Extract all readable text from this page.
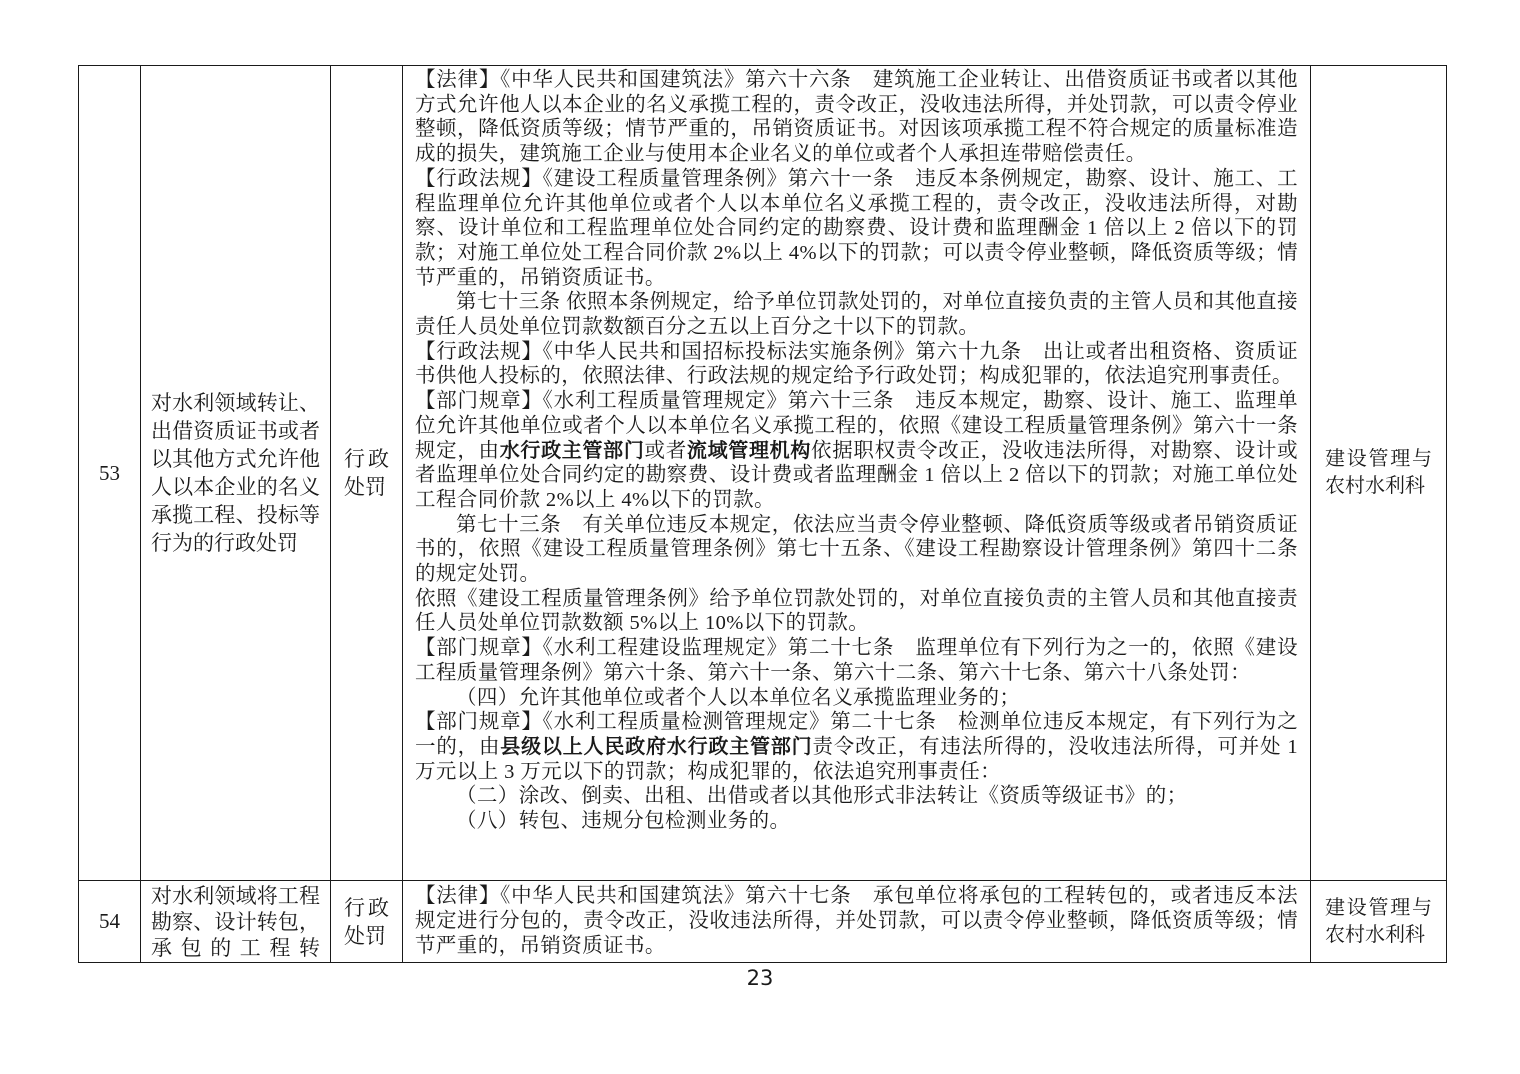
53
对水利领域转让、出借资质证书或者以其他方式允许他人以本企业的名义承揽工程、投标等行为的行政处罚
行政处罚
【法律】《中华人民共和国建筑法》第六十六条　建筑施工企业转让、出借资质证书或者以其他方式允许他人以本企业的名义承揽工程的，责令改正，没收违法所得，并处罚款，可以责令停业整顿，降低资质等级；情节严重的，吊销资质证书。对因该项承揽工程不符合规定的质量标准造成的损失，建筑施工企业与使用本企业名义的单位或者个人承担连带赔偿责任。
【行政法规】《建设工程质量管理条例》第六十一条　违反本条例规定，勘察、设计、施工、工程监理单位允许其他单位或者个人以本单位名义承揽工程的，责令改正，没收违法所得，对勘察、设计单位和工程监理单位处合同约定的勘察费、设计费和监理酬金 1 倍以上 2 倍以下的罚款；对施工单位处工程合同价款 2%以上 4%以下的罚款；可以责令停业整顿，降低资质等级；情节严重的，吊销资质证书。
第七十三条 依照本条例规定，给予单位罚款处罚的，对单位直接负责的主管人员和其他直接责任人员处单位罚款数额百分之五以上百分之十以下的罚款。
【行政法规】《中华人民共和国招标投标法实施条例》第六十九条　出让或者出租资格、资质证书供他人投标的，依照法律、行政法规的规定给予行政处罚；构成犯罪的，依法追究刑事责任。
【部门规章】《水利工程质量管理规定》第六十三条　违反本规定，勘察、设计、施工、监理单位允许其他单位或者个人以本单位名义承揽工程的，依照《建设工程质量管理条例》第六十一条规定，由水行政主管部门或者流域管理机构依据职权责令改正，没收违法所得，对勘察、设计或者监理单位处合同约定的勘察费、设计费或者监理酬金 1 倍以上 2 倍以下的罚款；对施工单位处工程合同价款 2%以上 4%以下的罚款。
第七十三条　有关单位违反本规定，依法应当责令停业整顿、降低资质等级或者吊销资质证书的，依照《建设工程质量管理条例》第七十五条、《建设工程勘察设计管理条例》第四十二条的规定处罚。
依照《建设工程质量管理条例》给予单位罚款处罚的，对单位直接负责的主管人员和其他直接责任人员处单位罚款数额 5%以上 10%以下的罚款。
【部门规章】《水利工程建设监理规定》第二十七条　监理单位有下列行为之一的，依照《建设工程质量管理条例》第六十条、第六十一条、第六十二条、第六十七条、第六十八条处罚：
（四）允许其他单位或者个人以本单位名义承揽监理业务的；
【部门规章】《水利工程质量检测管理规定》第二十七条　检测单位违反本规定，有下列行为之一的，由县级以上人民政府水行政主管部门责令改正，有违法所得的，没收违法所得，可并处 1 万元以上 3 万元以下的罚款；构成犯罪的，依法追究刑事责任：
（二）涂改、倒卖、出租、出借或者以其他形式非法转让《资质等级证书》的；
（八）转包、违规分包检测业务的。
建设管理与农村水利科
54
对水利领域将工程勘察、设计转包，承包的工程转
行政处罚
【法律】《中华人民共和国建筑法》第六十七条　承包单位将承包的工程转包的，或者违反本法规定进行分包的，责令改正，没收违法所得，并处罚款，可以责令停业整顿，降低资质等级；情节严重的，吊销资质证书。
建设管理与农村水利科
23
